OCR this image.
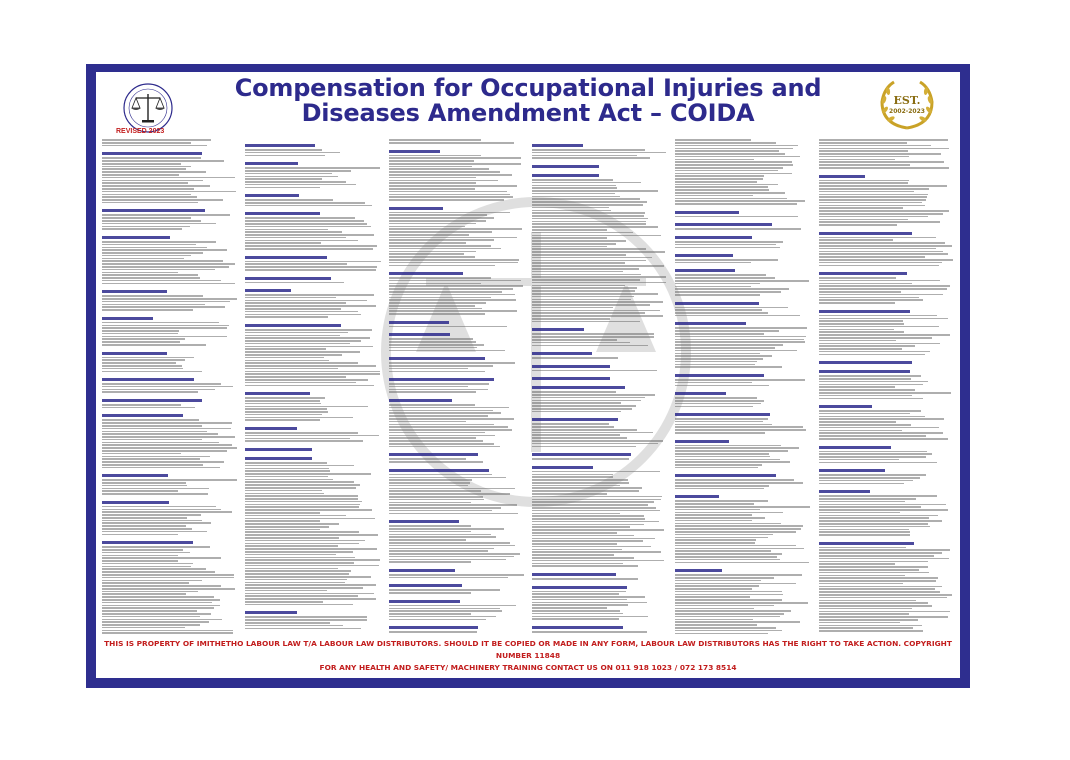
REVISED 2023
Compensation for Occupational Injuries and
Diseases Amendment Act – COIDA	EST.
2002-2023
THIS IS PROPERTY OF IMITHETHO LABOUR LAW T/A LABOUR LAW DISTRIBUTORS. SHOULD IT BE COPIED OR MADE IN ANY FORM, LABOUR LAW DISTRIBUTORS HAS THE RIGHT TO TAKE ACTION. COPYRIGHT NUMBER 11848
FOR ANY HEALTH AND SAFETY/ MACHINERY TRAINING CONTACT US ON 011 918 1023 / 072 173 8514
